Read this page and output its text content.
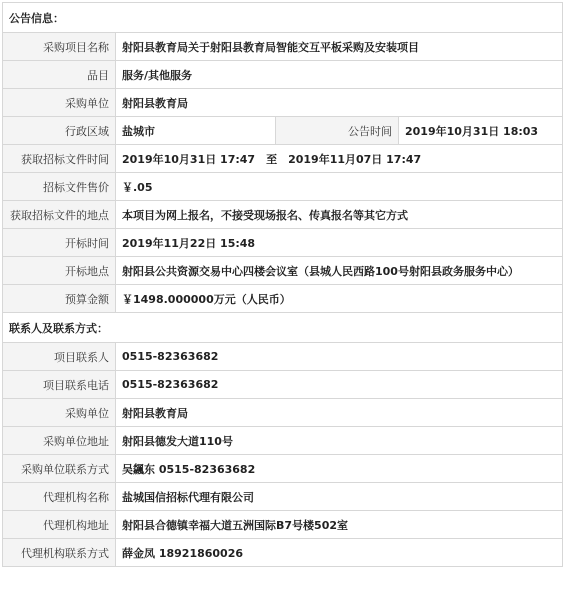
公告信息：			
采购项目名称	射阳县教育局关于射阳县教育局智能交互平板采购及安装项目		
品目	服务/其他服务		
采购单位	射阳县教育局		
行政区域	盐城市	公告时间	2019年10月31日 18:03
获取招标文件时间	2019年10月31日 17:47　至　2019年11月07日 17:47		
招标文件售价	￥.05		
获取招标文件的地点	本项目为网上报名，不接受现场报名、传真报名等其它方式		
开标时间	2019年11月22日 15:48		
开标地点	射阳县公共资源交易中心四楼会议室（县城人民西路100号射阳县政务服务中心）		
预算金额	￥1498.000000万元（人民币）		
联系人及联系方式：			
项目联系人	0515-82363682		
项目联系电话	0515-82363682		
采购单位	射阳县教育局		
采购单位地址	射阳县德发大道110号		
采购单位联系方式	吴飊东 0515-82363682		
代理机构名称	盐城国信招标代理有限公司		
代理机构地址	射阳县合德镇幸福大道五洲国际B7号楼502室		
代理机构联系方式	薛金凤 18921860026		
